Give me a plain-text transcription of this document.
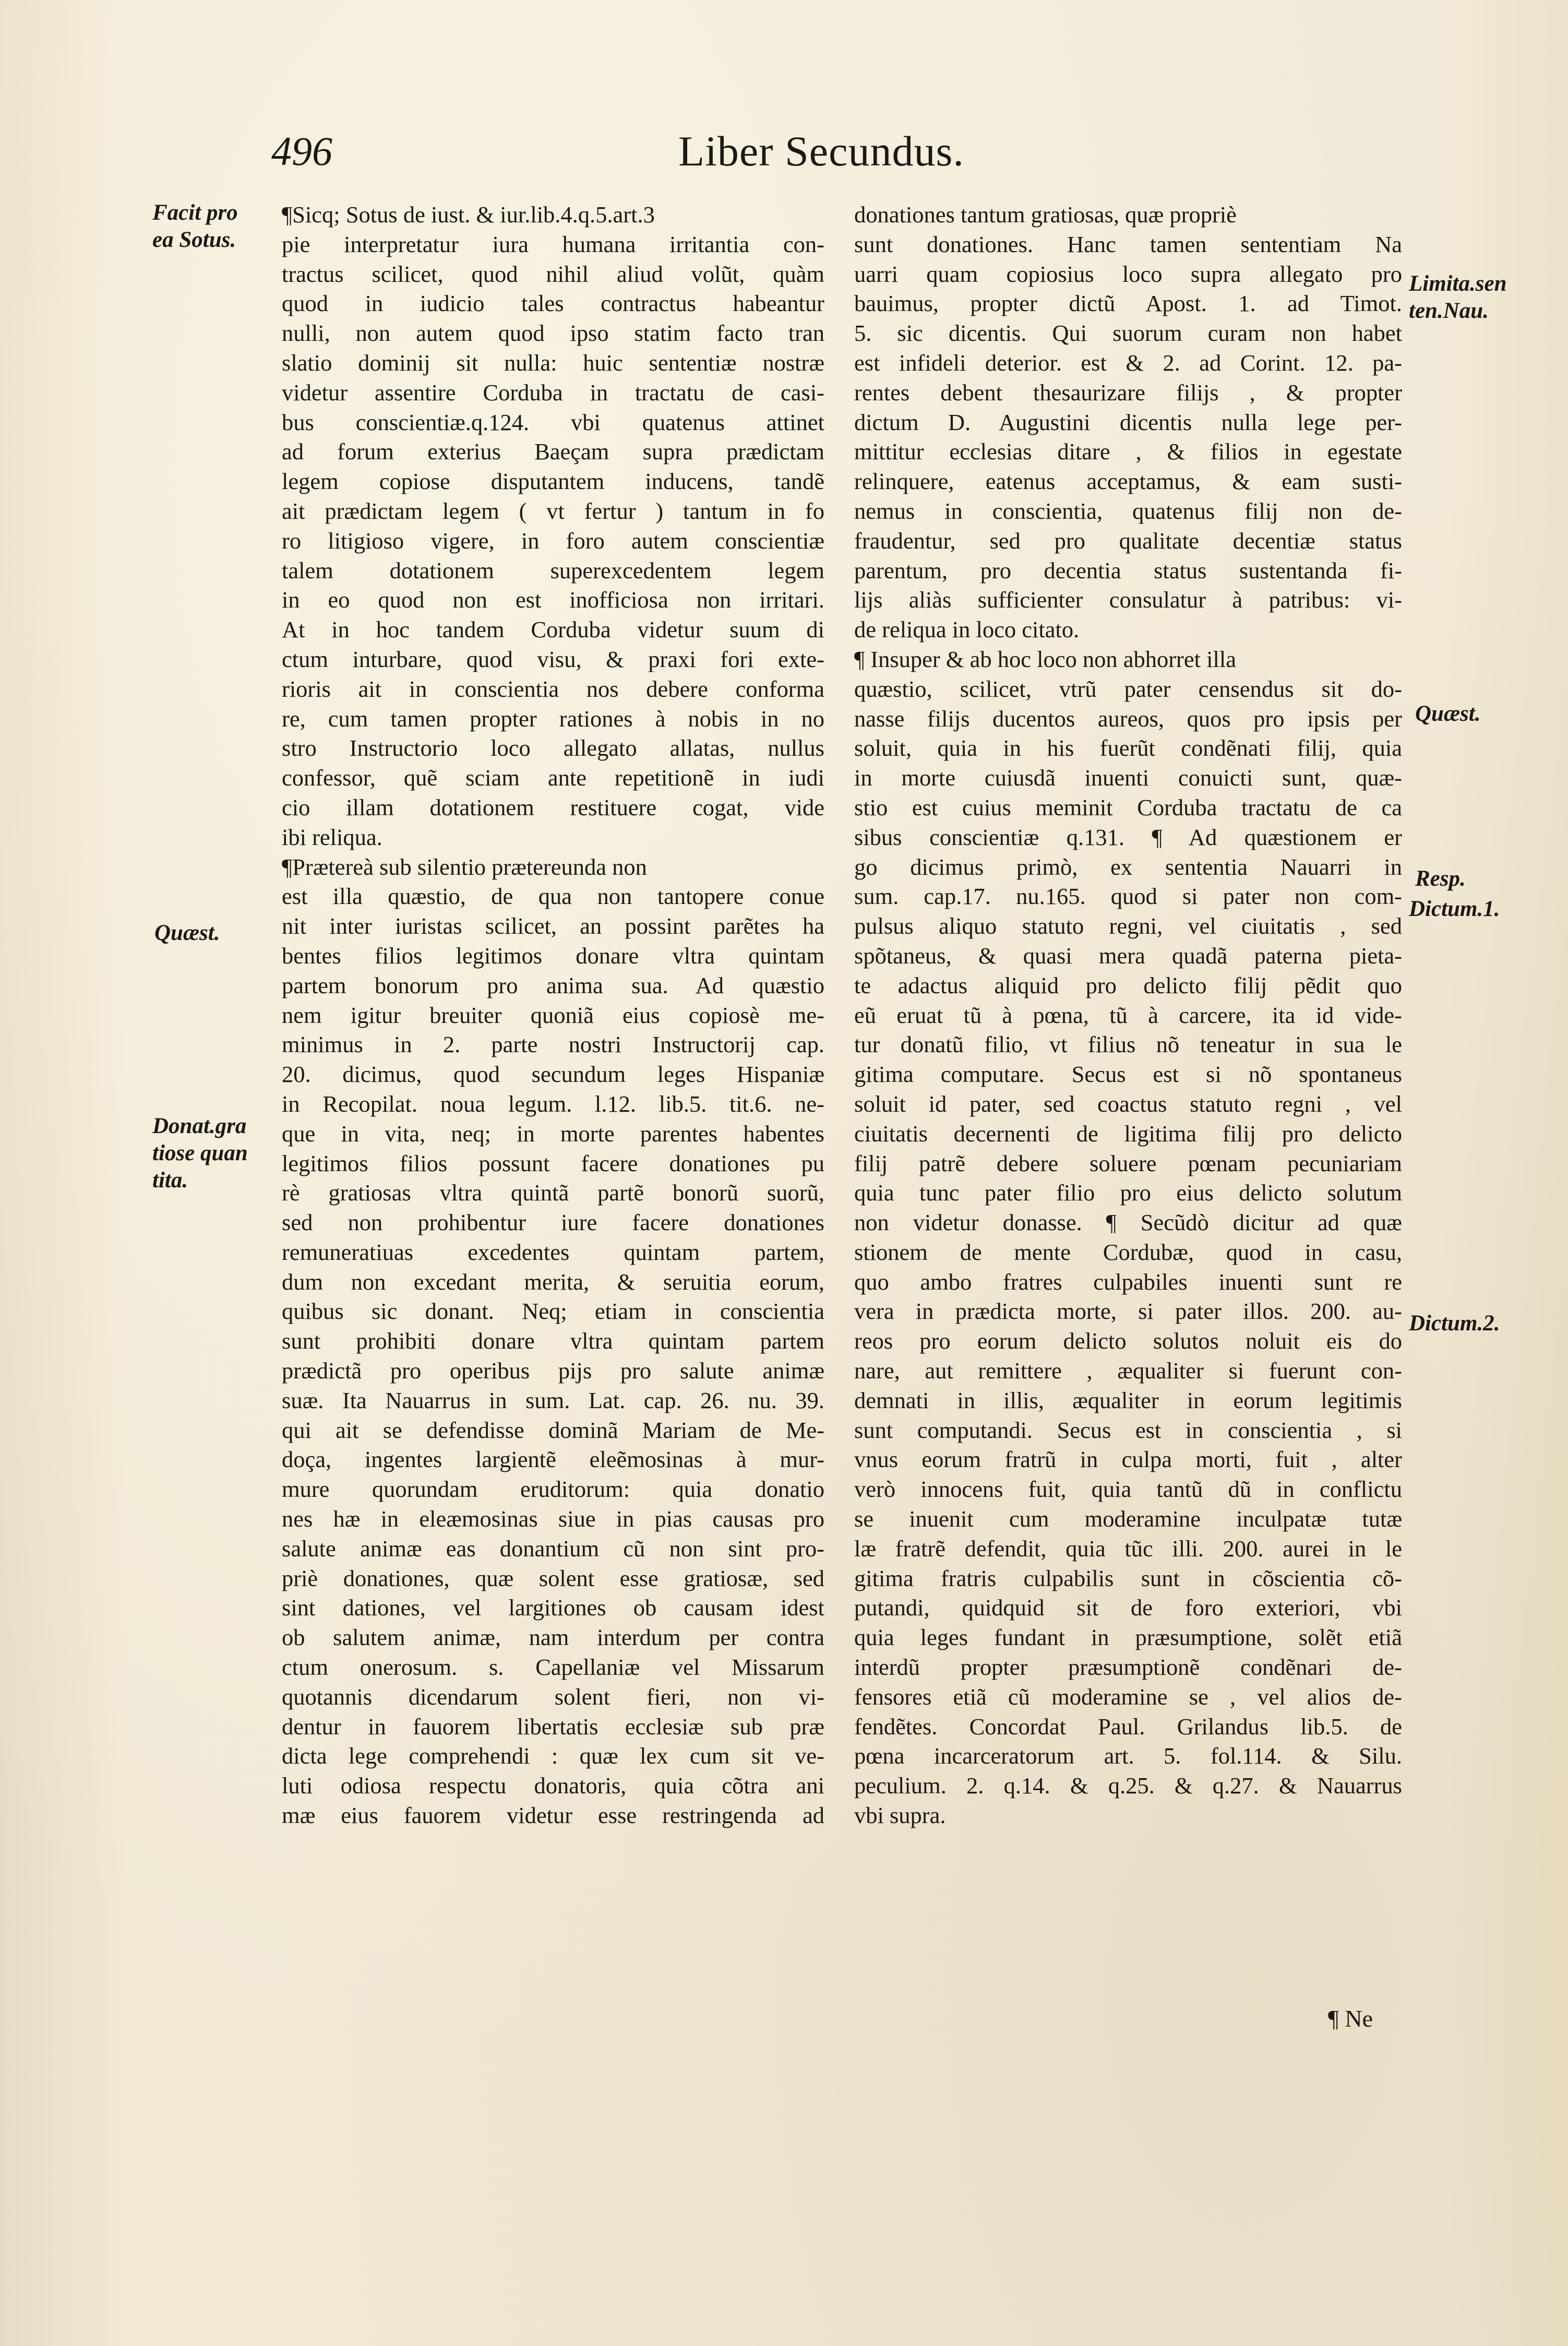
496	Liber Secundus.
¶Sicq; Sotus de iust. & iur.lib.4.q.5.art.3
pie interpretatur iura humana irritantia con-
tractus scilicet, quod nihil aliud volũt, quàm
quod in iudicio tales contractus habeantur
nulli, non autem quod ipso statim facto tran
slatio dominij sit nulla: huic sententiæ nostræ
videtur assentire Corduba in tractatu de casi-
bus conscientiæ.q.124. vbi quatenus attinet
ad forum exterius Baeçam supra prædictam
legem copiose disputantem inducens, tandẽ
ait prædictam legem ( vt fertur ) tantum in fo
ro litigioso vigere, in foro autem conscientiæ
talem dotationem superexcedentem legem
in eo quod non est inofficiosa non irritari.
At in hoc tandem Corduba videtur suum di
ctum inturbare, quod visu, & praxi fori exte-
rioris ait in conscientia nos debere conforma
re, cum tamen propter rationes à nobis in no
stro Instructorio loco allegato allatas, nullus
confessor, quẽ sciam ante repetitionẽ in iudi
cio illam dotationem restituere cogat, vide
ibi reliqua.
¶Prætereà sub silentio prætereunda non
est illa quæstio, de qua non tantopere conue
nit inter iuristas scilicet, an possint parẽtes ha
bentes filios legitimos donare vltra quintam
partem bonorum pro anima sua. Ad quæstio
nem igitur breuiter quoniã eius copiosè me-
minimus in 2. parte nostri Instructorij cap.
20. dicimus, quod secundum leges Hispaniæ
in Recopilat. noua legum. l.12. lib.5. tit.6. ne-
que in vita, neq; in morte parentes habentes
legitimos filios possunt facere donationes pu
rè gratiosas vltra quintã partẽ bonorũ suorũ,
sed non prohibentur iure facere donationes
remuneratiuas excedentes quintam partem,
dum non excedant merita, & seruitia eorum,
quibus sic donant. Neq; etiam in conscientia
sunt prohibiti donare vltra quintam partem
prædictã pro operibus pijs pro salute animæ
suæ. Ita Nauarrus in sum. Lat. cap. 26. nu. 39.
qui ait se defendisse dominã Mariam de Me-
doça, ingentes largientẽ eleẽmosinas à mur-
mure quorundam eruditorum: quia donatio
nes hæ in eleæmosinas siue in pias causas pro
salute animæ eas donantium cũ non sint pro-
priè donationes, quæ solent esse gratiosæ, sed
sint dationes, vel largitiones ob causam idest
ob salutem animæ, nam interdum per contra
ctum onerosum. s. Capellaniæ vel Missarum
quotannis dicendarum solent fieri, non vi-
dentur in fauorem libertatis ecclesiæ sub præ
dicta lege comprehendi : quæ lex cum sit ve-
luti odiosa respectu donatoris, quia cõtra ani
mæ eius fauorem videtur esse restringenda ad
donationes tantum gratiosas, quæ propriè
sunt donationes. Hanc tamen sententiam Na
uarri quam copiosius loco supra allegato pro
bauimus, propter dictũ Apost. 1. ad Timot.
5. sic dicentis. Qui suorum curam non habet
est infideli deterior. est & 2. ad Corint. 12. pa-
rentes debent thesaurizare filijs , & propter
dictum D. Augustini dicentis nulla lege per-
mittitur ecclesias ditare , & filios in egestate
relinquere, eatenus acceptamus, & eam susti-
nemus in conscientia, quatenus filij non de-
fraudentur, sed pro qualitate decentiæ status
parentum, pro decentia status sustentanda fi-
lijs aliàs sufficienter consulatur à patribus: vi-
de reliqua in loco citato.
¶ Insuper & ab hoc loco non abhorret illa
quæstio, scilicet, vtrũ pater censendus sit do-
nasse filijs ducentos aureos, quos pro ipsis per
soluit, quia in his fuerũt condẽnati filij, quia
in morte cuiusdã inuenti conuicti sunt, quæ-
stio est cuius meminit Corduba tractatu de ca
sibus conscientiæ q.131. ¶ Ad quæstionem er
go dicimus primò, ex sententia Nauarri in
sum. cap.17. nu.165. quod si pater non com-
pulsus aliquo statuto regni, vel ciuitatis , sed
spõtaneus, & quasi mera quadã paterna pieta-
te adactus aliquid pro delicto filij pẽdit quo
eũ eruat tũ à pœna, tũ à carcere, ita id vide-
tur donatũ filio, vt filius nõ teneatur in sua le
gitima computare. Secus est si nõ spontaneus
soluit id pater, sed coactus statuto regni , vel
ciuitatis decernenti de ligitima filij pro delicto
filij patrẽ debere soluere pœnam pecuniariam
quia tunc pater filio pro eius delicto solutum
non videtur donasse. ¶ Secũdò dicitur ad quæ
stionem de mente Cordubæ, quod in casu,
quo ambo fratres culpabiles inuenti sunt re
vera in prædicta morte, si pater illos. 200. au-
reos pro eorum delicto solutos noluit eis do
nare, aut remittere , æqualiter si fuerunt con-
demnati in illis, æqualiter in eorum legitimis
sunt computandi. Secus est in conscientia , si
vnus eorum fratrũ in culpa morti, fuit , alter
verò innocens fuit, quia tantũ dũ in conflictu
se inuenit cum moderamine inculpatæ tutæ
læ fratrẽ defendit, quia tũc illi. 200. aurei in le
gitima fratris culpabilis sunt in cõscientia cõ-
putandi, quidquid sit de foro exteriori, vbi
quia leges fundant in præsumptione, solẽt etiã
interdũ propter præsumptionẽ condẽnari de-
fensores etiã cũ moderamine se , vel alios de-
fendẽtes. Concordat Paul. Grilandus lib.5. de
pœna incarceratorum art. 5. fol.114. & Silu.
peculium. 2. q.14. & q.25. & q.27. & Nauarrus
vbi supra.
Facit pro
ea Sotus.
Quæst.
Donat.gra
tiose quan
tita.
Limita.sen
ten.Nau.
Quæst.
Resp.
Dictum.1.
Dictum.2.
¶ Ne
